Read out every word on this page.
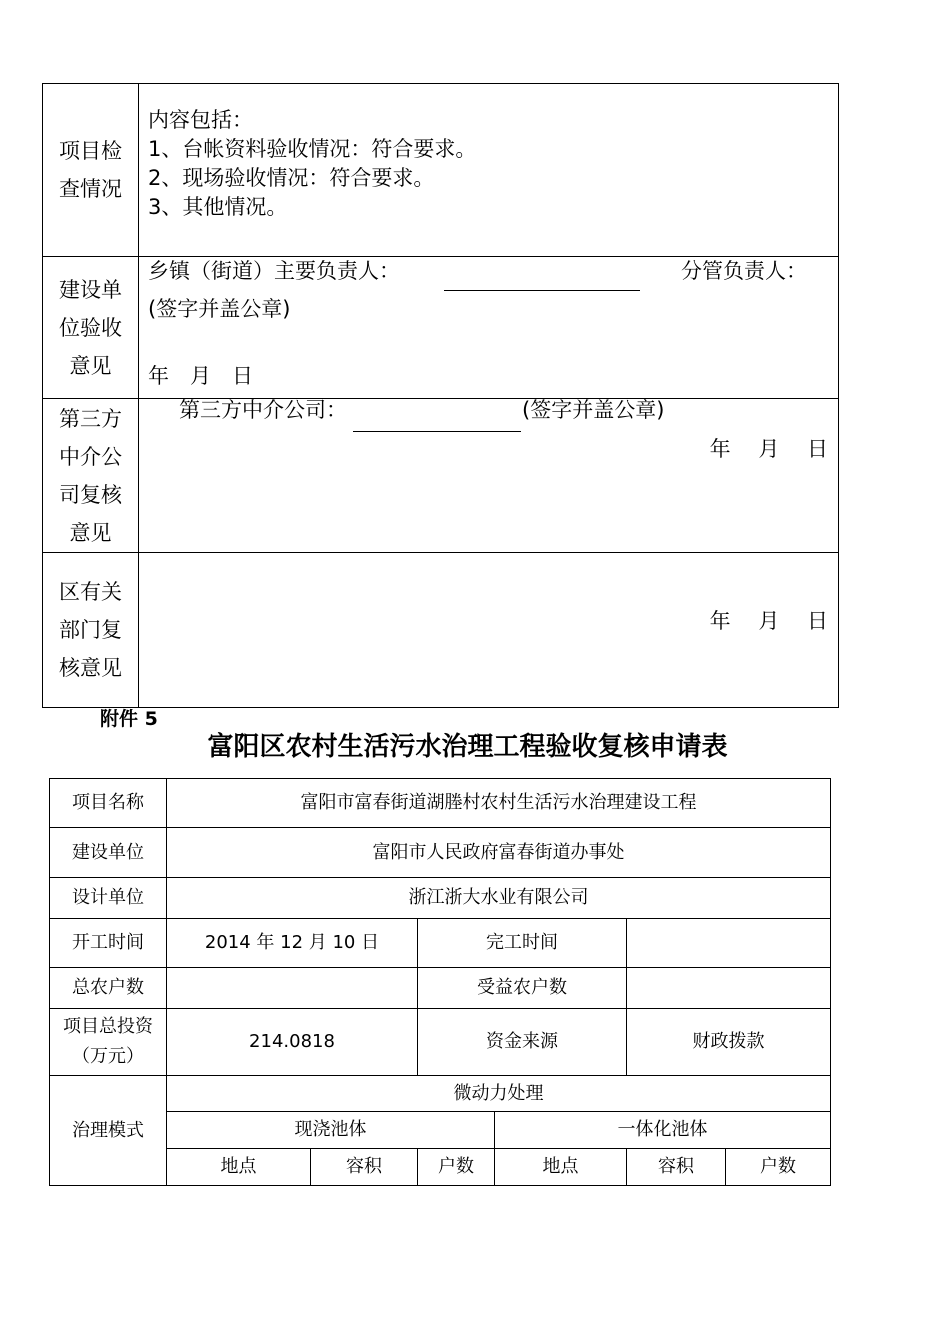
项目检查情况	内容包括：
1、台帐资料验收情况：符合要求。
2、现场验收情况：符合要求。
3、其他情况。

建设单位验收意见	乡镇（街道）主要负责人： 分管负责人：
(签字并盖公章)
年　月　日

第三方中介公司复核意见	第三方中介公司： (签字并盖公章)
年　 月　 日

区有关部门复核意见	年　 月　 日
附件 5
富阳区农村生活污水治理工程验收复核申请表
项目名称	富阳市富春街道湖塍村农村生活污水治理建设工程					
建设单位	富阳市人民政府富春街道办事处					
设计单位	浙江浙大水业有限公司					
开工时间	2014 年 12 月 10 日		完工时间			
总农户数			受益农户数			

项目总投资（万元）	214.0818		资金来源		财政拨款	
治理模式	微动力处理					
	现浇池体			一体化池体		
	地点	容积	户数	地点	容积	户数
